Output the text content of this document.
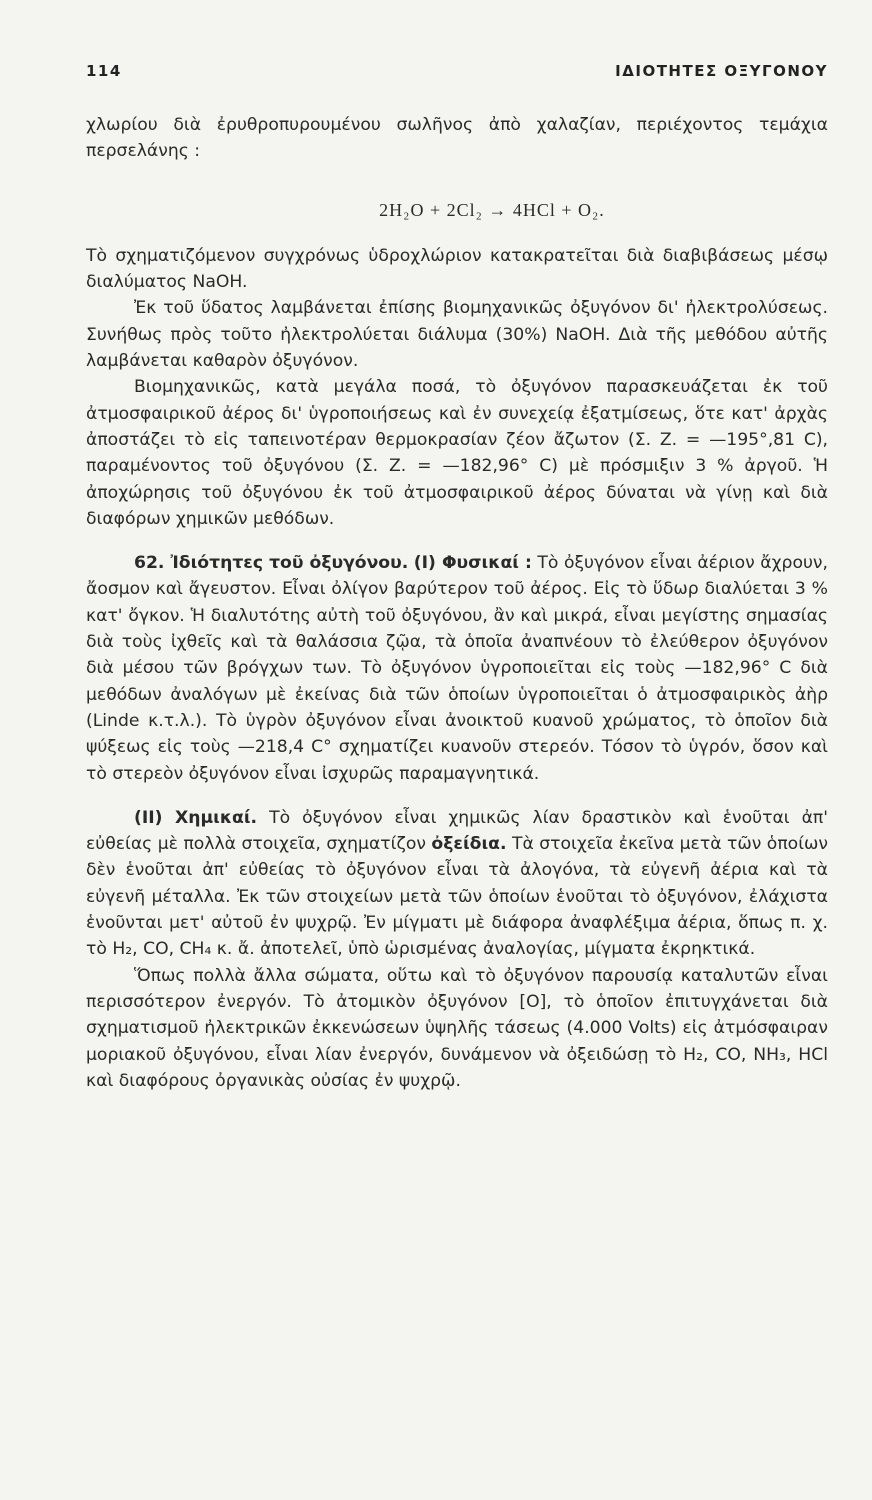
114	ΙΔΙΟΤΗΤΕΣ ΟΞΥΓΟΝΟΥ

χλωρίου διὰ ἐρυθροπυρουμένου σωλῆνος ἀπὸ χαλαζίαν, περιέχοντος τεμάχια περσελάνης :

2H₂O + 2Cl₂ → 4HCl + O₂.

Τὸ σχηματιζόμενον συγχρόνως ὑδροχλώριον κατακρατεῖται διὰ διαβιβάσεως μέσῳ διαλύματος NaOH.

Ἐκ τοῦ ὕδατος λαμβάνεται ἐπίσης βιομηχανικῶς ὀξυγόνον δι' ἠλεκτρολύσεως. Συνήθως πρὸς τοῦτο ἠλεκτρολύεται διάλυμα (30%) NaOH. Διὰ τῆς μεθόδου αὐτῆς λαμβάνεται καθαρὸν ὀξυγόνον.

Βιομηχανικῶς, κατὰ μεγάλα ποσά, τὸ ὀξυγόνον παρασκευάζεται ἐκ τοῦ ἀτμοσφαιρικοῦ ἀέρος δι' ὑγροποιήσεως καὶ ἐν συνεχείᾳ ἐξατμίσεως, ὅτε κατ' ἀρχὰς ἀποστάζει τὸ εἰς ταπεινοτέραν θερμοκρασίαν ζέον ἄζωτον (Σ. Ζ. = —195°,81 C), παραμένοντος τοῦ ὀξυγόνου (Σ. Ζ. = —182,96° C) μὲ πρόσμιξιν 3 % ἀργοῦ. Ἡ ἀποχώρησις τοῦ ὀξυγόνου ἐκ τοῦ ἀτμοσφαιρικοῦ ἀέρος δύναται νὰ γίνῃ καὶ διὰ διαφόρων χημικῶν μεθόδων.

62. Ἰδιότητες τοῦ ὀξυγόνου. (Ι) Φυσικαί : Τὸ ὀξυγόνον εἶναι ἀέριον ἄχρουν, ἄοσμον καὶ ἄγευστον. Εἶναι ὀλίγον βαρύτερον τοῦ ἀέρος. Εἰς τὸ ὕδωρ διαλύεται 3 % κατ' ὄγκον. Ἡ διαλυτότης αὐτὴ τοῦ ὀξυγόνου, ἂν καὶ μικρά, εἶναι μεγίστης σημασίας διὰ τοὺς ἰχθεῖς καὶ τὰ θαλάσσια ζῷα, τὰ ὁποῖα ἀναπνέουν τὸ ἐλεύθερον ὀξυγόνον διὰ μέσου τῶν βρόγχων των. Τὸ ὀξυγόνον ὑγροποιεῖται εἰς τοὺς —182,96° C διὰ μεθόδων ἀναλόγων μὲ ἐκείνας διὰ τῶν ὁποίων ὑγροποιεῖται ὁ ἀτμοσφαιρικὸς ἀὴρ (Linde κ.τ.λ.). Τὸ ὑγρὸν ὀξυγόνον εἶναι ἀνοικτοῦ κυανοῦ χρώματος, τὸ ὁποῖον διὰ ψύξεως εἰς τοὺς —218,4 C° σχηματίζει κυανοῦν στερεόν. Τόσον τὸ ὑγρόν, ὅσον καὶ τὸ στερεὸν ὀξυγόνον εἶναι ἰσχυρῶς παραμαγνητικά.

(ΙΙ) Χημικαί. Τὸ ὀξυγόνον εἶναι χημικῶς λίαν δραστικὸν καὶ ἑνοῦται ἀπ' εὐθείας μὲ πολλὰ στοιχεῖα, σχηματίζον ὀξείδια. Τὰ στοιχεῖα ἐκεῖνα μετὰ τῶν ὁποίων δὲν ἑνοῦται ἀπ' εὐθείας τὸ ὀξυγόνον εἶναι τὰ ἀλογόνα, τὰ εὐγενῆ ἀέρια καὶ τὰ εὐγενῆ μέταλλα. Ἐκ τῶν στοιχείων μετὰ τῶν ὁποίων ἑνοῦται τὸ ὀξυγόνον, ἐλάχιστα ἑνοῦνται μετ' αὐτοῦ ἐν ψυχρῷ. Ἐν μίγματι μὲ διάφορα ἀναφλέξιμα ἀέρια, ὅπως π. χ. τὸ H₂, CO, CH₄ κ. ἄ. ἀποτελεῖ, ὑπὸ ὡρισμένας ἀναλογίας, μίγματα ἐκρηκτικά.

Ὅπως πολλὰ ἄλλα σώματα, οὕτω καὶ τὸ ὀξυγόνον παρουσίᾳ καταλυτῶν εἶναι περισσότερον ἐνεργόν. Τὸ ἀτομικὸν ὀξυγόνον [O], τὸ ὁποῖον ἐπιτυγχάνεται διὰ σχηματισμοῦ ἠλεκτρικῶν ἐκκενώσεων ὑψηλῆς τάσεως (4.000 Volts) εἰς ἀτμόσφαιραν μοριακοῦ ὀξυγόνου, εἶναι λίαν ἐνεργόν, δυνάμενον νὰ ὀξειδώσῃ τὸ H₂, CO, NH₃, HCl καὶ διαφόρους ὀργανικὰς οὐσίας ἐν ψυχρῷ.
